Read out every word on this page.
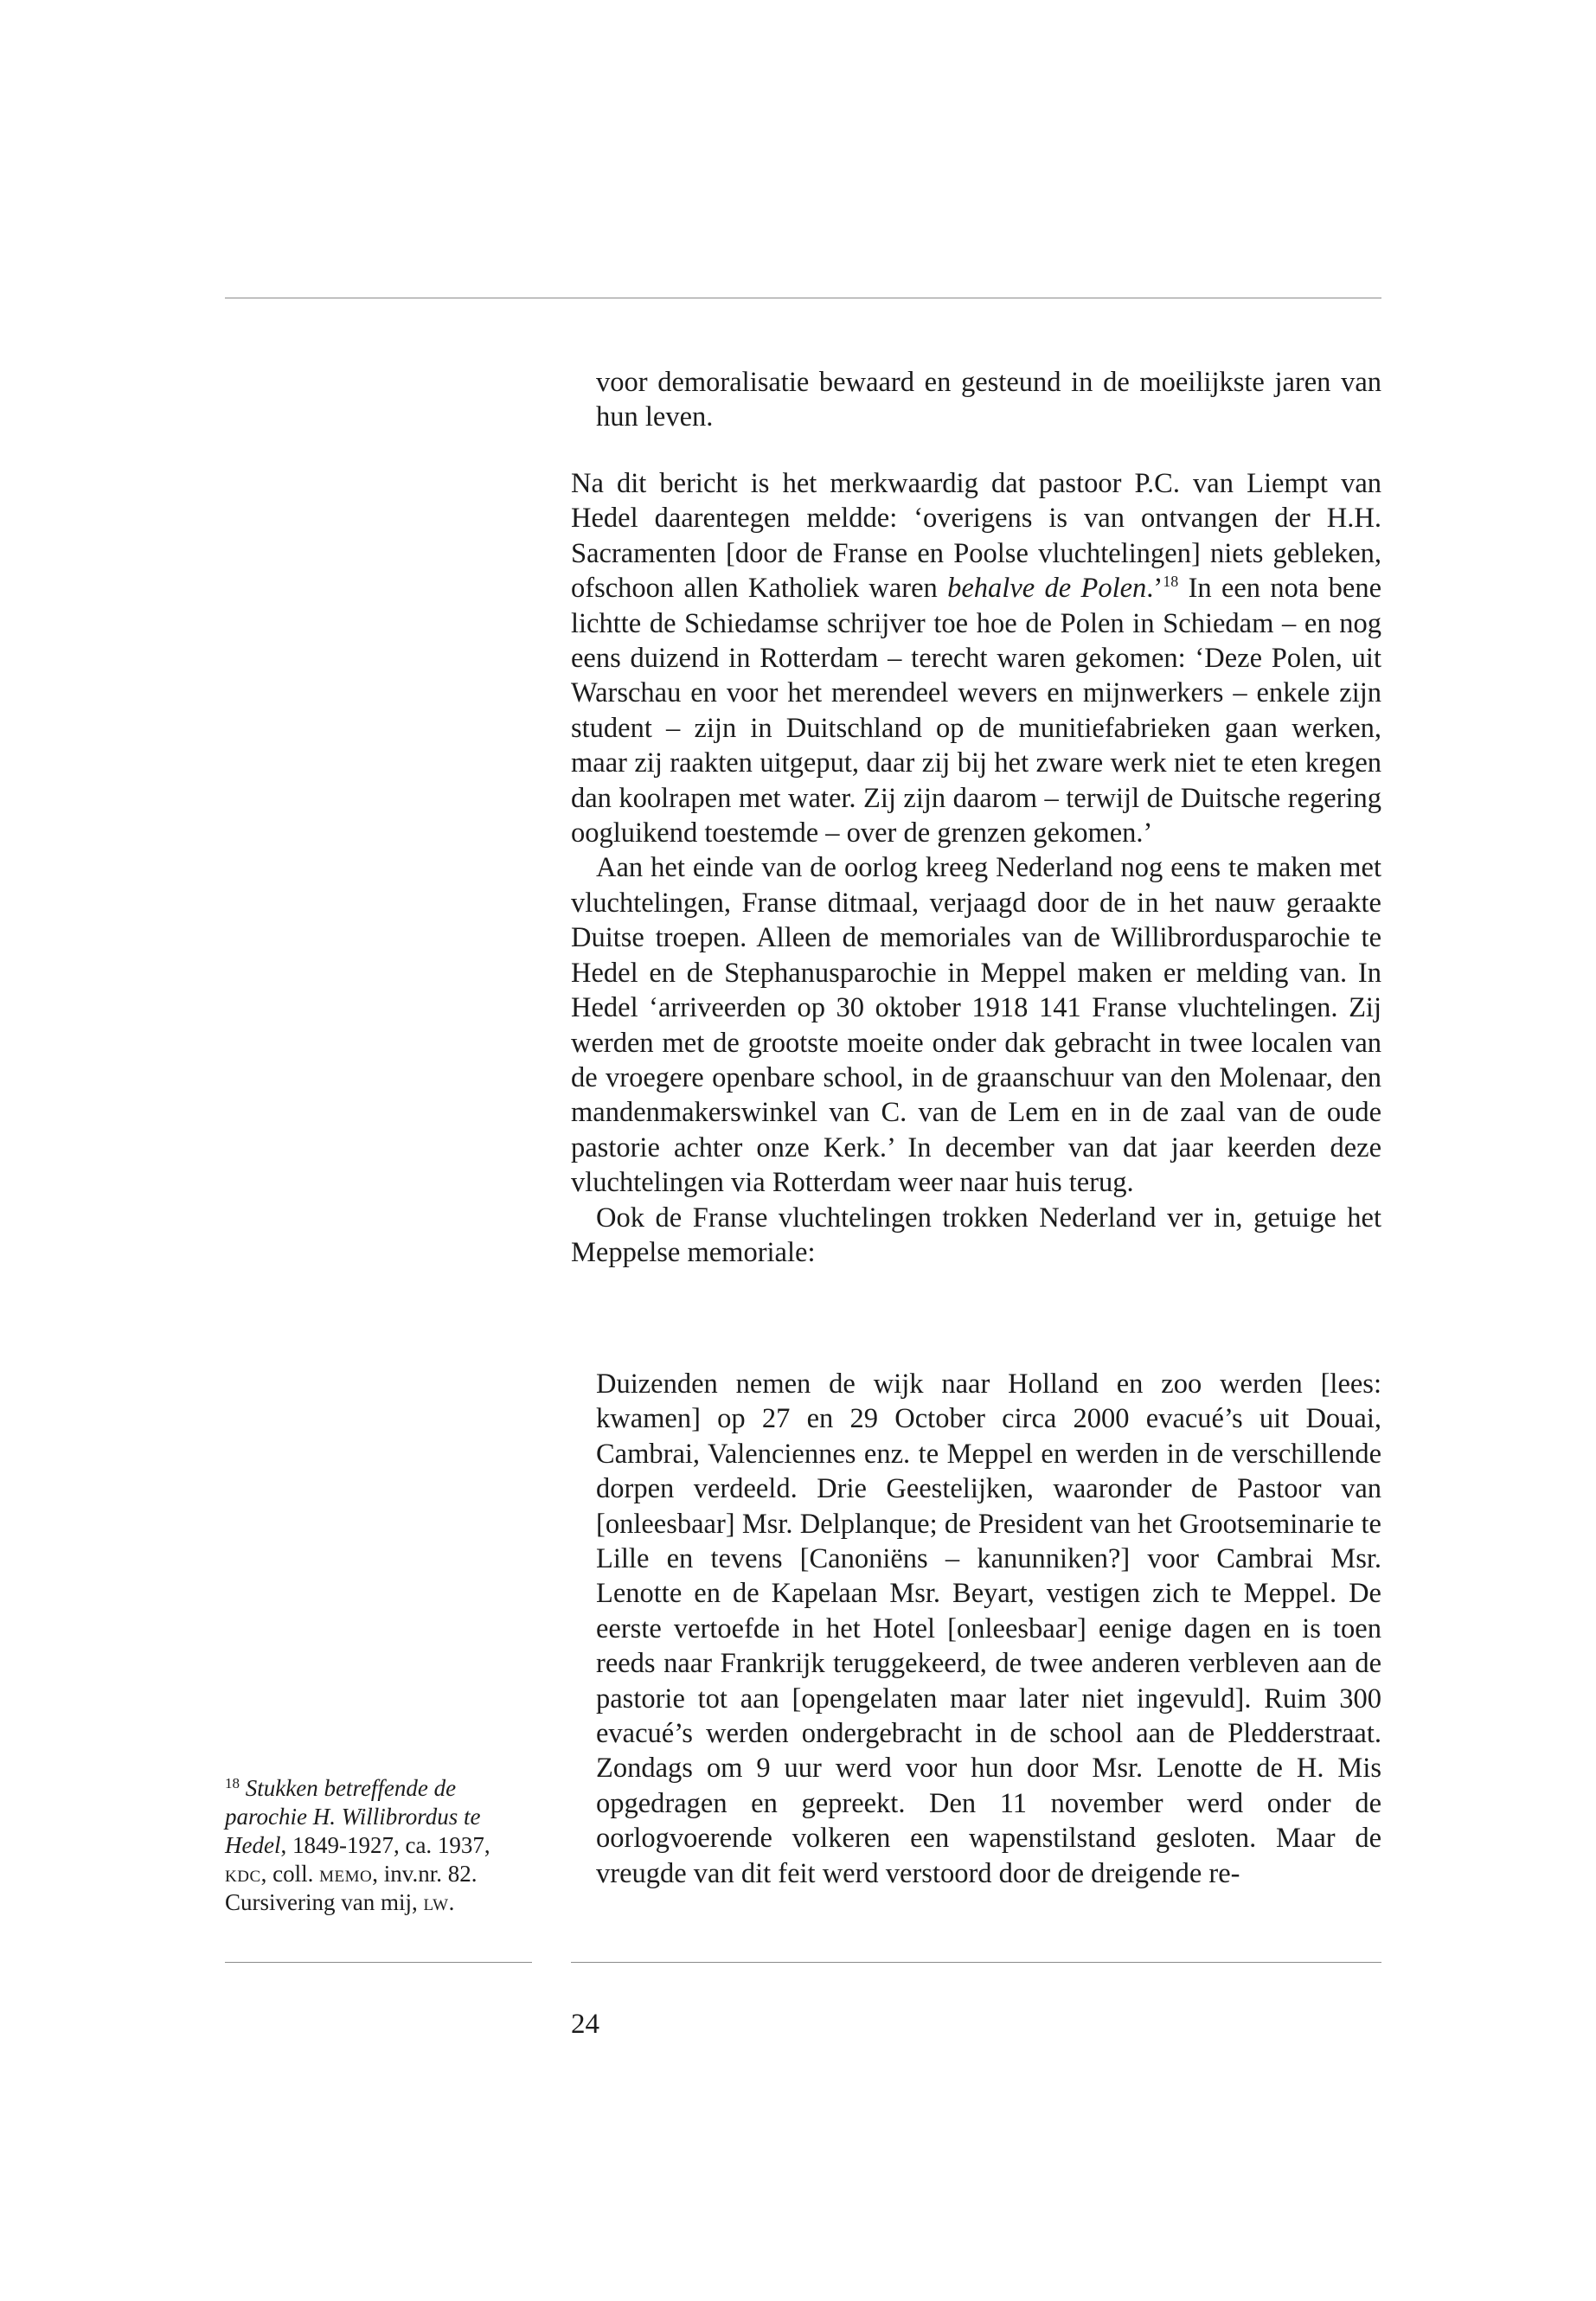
voor demoralisatie bewaard en gesteund in de moeilijkste jaren van hun leven.

Na dit bericht is het merkwaardig dat pastoor P.C. van Liempt van Hedel daarentegen meldde: ‘overigens is van ontvangen der H.H. Sacramenten [door de Franse en Poolse vluchtelingen] niets gebleken, ofschoon allen Katholiek waren behalve de Polen.’$^{18}$ In een nota bene lichtte de Schiedamse schrijver toe hoe de Polen in Schiedam – en nog eens duizend in Rotterdam – terecht waren gekomen: ‘Deze Polen, uit Warschau en voor het merendeel wevers en mijnwerkers – enkele zijn student – zijn in Duitschland op de munitiefabrieken gaan werken, maar zij raakten uitgeput, daar zij bij het zware werk niet te eten kregen dan koolrapen met water. Zij zijn daarom – terwijl de Duitsche regering oogluikend toestemde – over de grenzen gekomen.’

Aan het einde van de oorlog kreeg Nederland nog eens te maken met vluchtelingen, Franse ditmaal, verjaagd door de in het nauw geraakte Duitse troepen. Alleen de memoriales van de Willibrordusparochie te Hedel en de Stephanusparochie in Meppel maken er melding van. In Hedel ‘arriveerden op 30 oktober 1918 141 Franse vluchtelingen. Zij werden met de grootste moeite onder dak gebracht in twee localen van de vroegere openbare school, in de graanschuur van den Molenaar, den mandenmakerswinkel van C. van de Lem en in de zaal van de oude pastorie achter onze Kerk.’ In december van dat jaar keerden deze vluchtelingen via Rotterdam weer naar huis terug.

Ook de Franse vluchtelingen trokken Nederland ver in, getuige het Meppelse memoriale:

Duizenden nemen de wijk naar Holland en zoo werden [lees: kwamen] op 27 en 29 October circa 2000 evacué’s uit Douai, Cambrai, Valenciennes enz. te Meppel en werden in de verschillende dorpen verdeeld. Drie Geestelijken, waaronder de Pastoor van [onleesbaar] Msr. Delplanque; de President van het Grootseminarie te Lille en tevens [Canoniëns – kanunniken?] voor Cambrai Msr. Lenotte en de Kapelaan Msr. Beyart, vestigen zich te Meppel. De eerste vertoefde in het Hotel [onleesbaar] eenige dagen en is toen reeds naar Frankrijk teruggekeerd, de twee anderen verbleven aan de pastorie tot aan [opengelaten maar later niet ingevuld]. Ruim 300 evacué’s werden ondergebracht in de school aan de Pledderstraat. Zondags om 9 uur werd voor hun door Msr. Lenotte de H. Mis opgedragen en gepreekt. Den 11 november werd onder de oorlogvoerende volkeren een wapenstilstand gesloten. Maar de vreugde van dit feit werd verstoord door de dreigende re-

$^{18}$ Stukken betreffende de parochie H. Willibrordus te Hedel, 1849-1927, ca. 1937, kdc, coll. memo, inv.nr. 82. Cursivering van mij, lw.
24
